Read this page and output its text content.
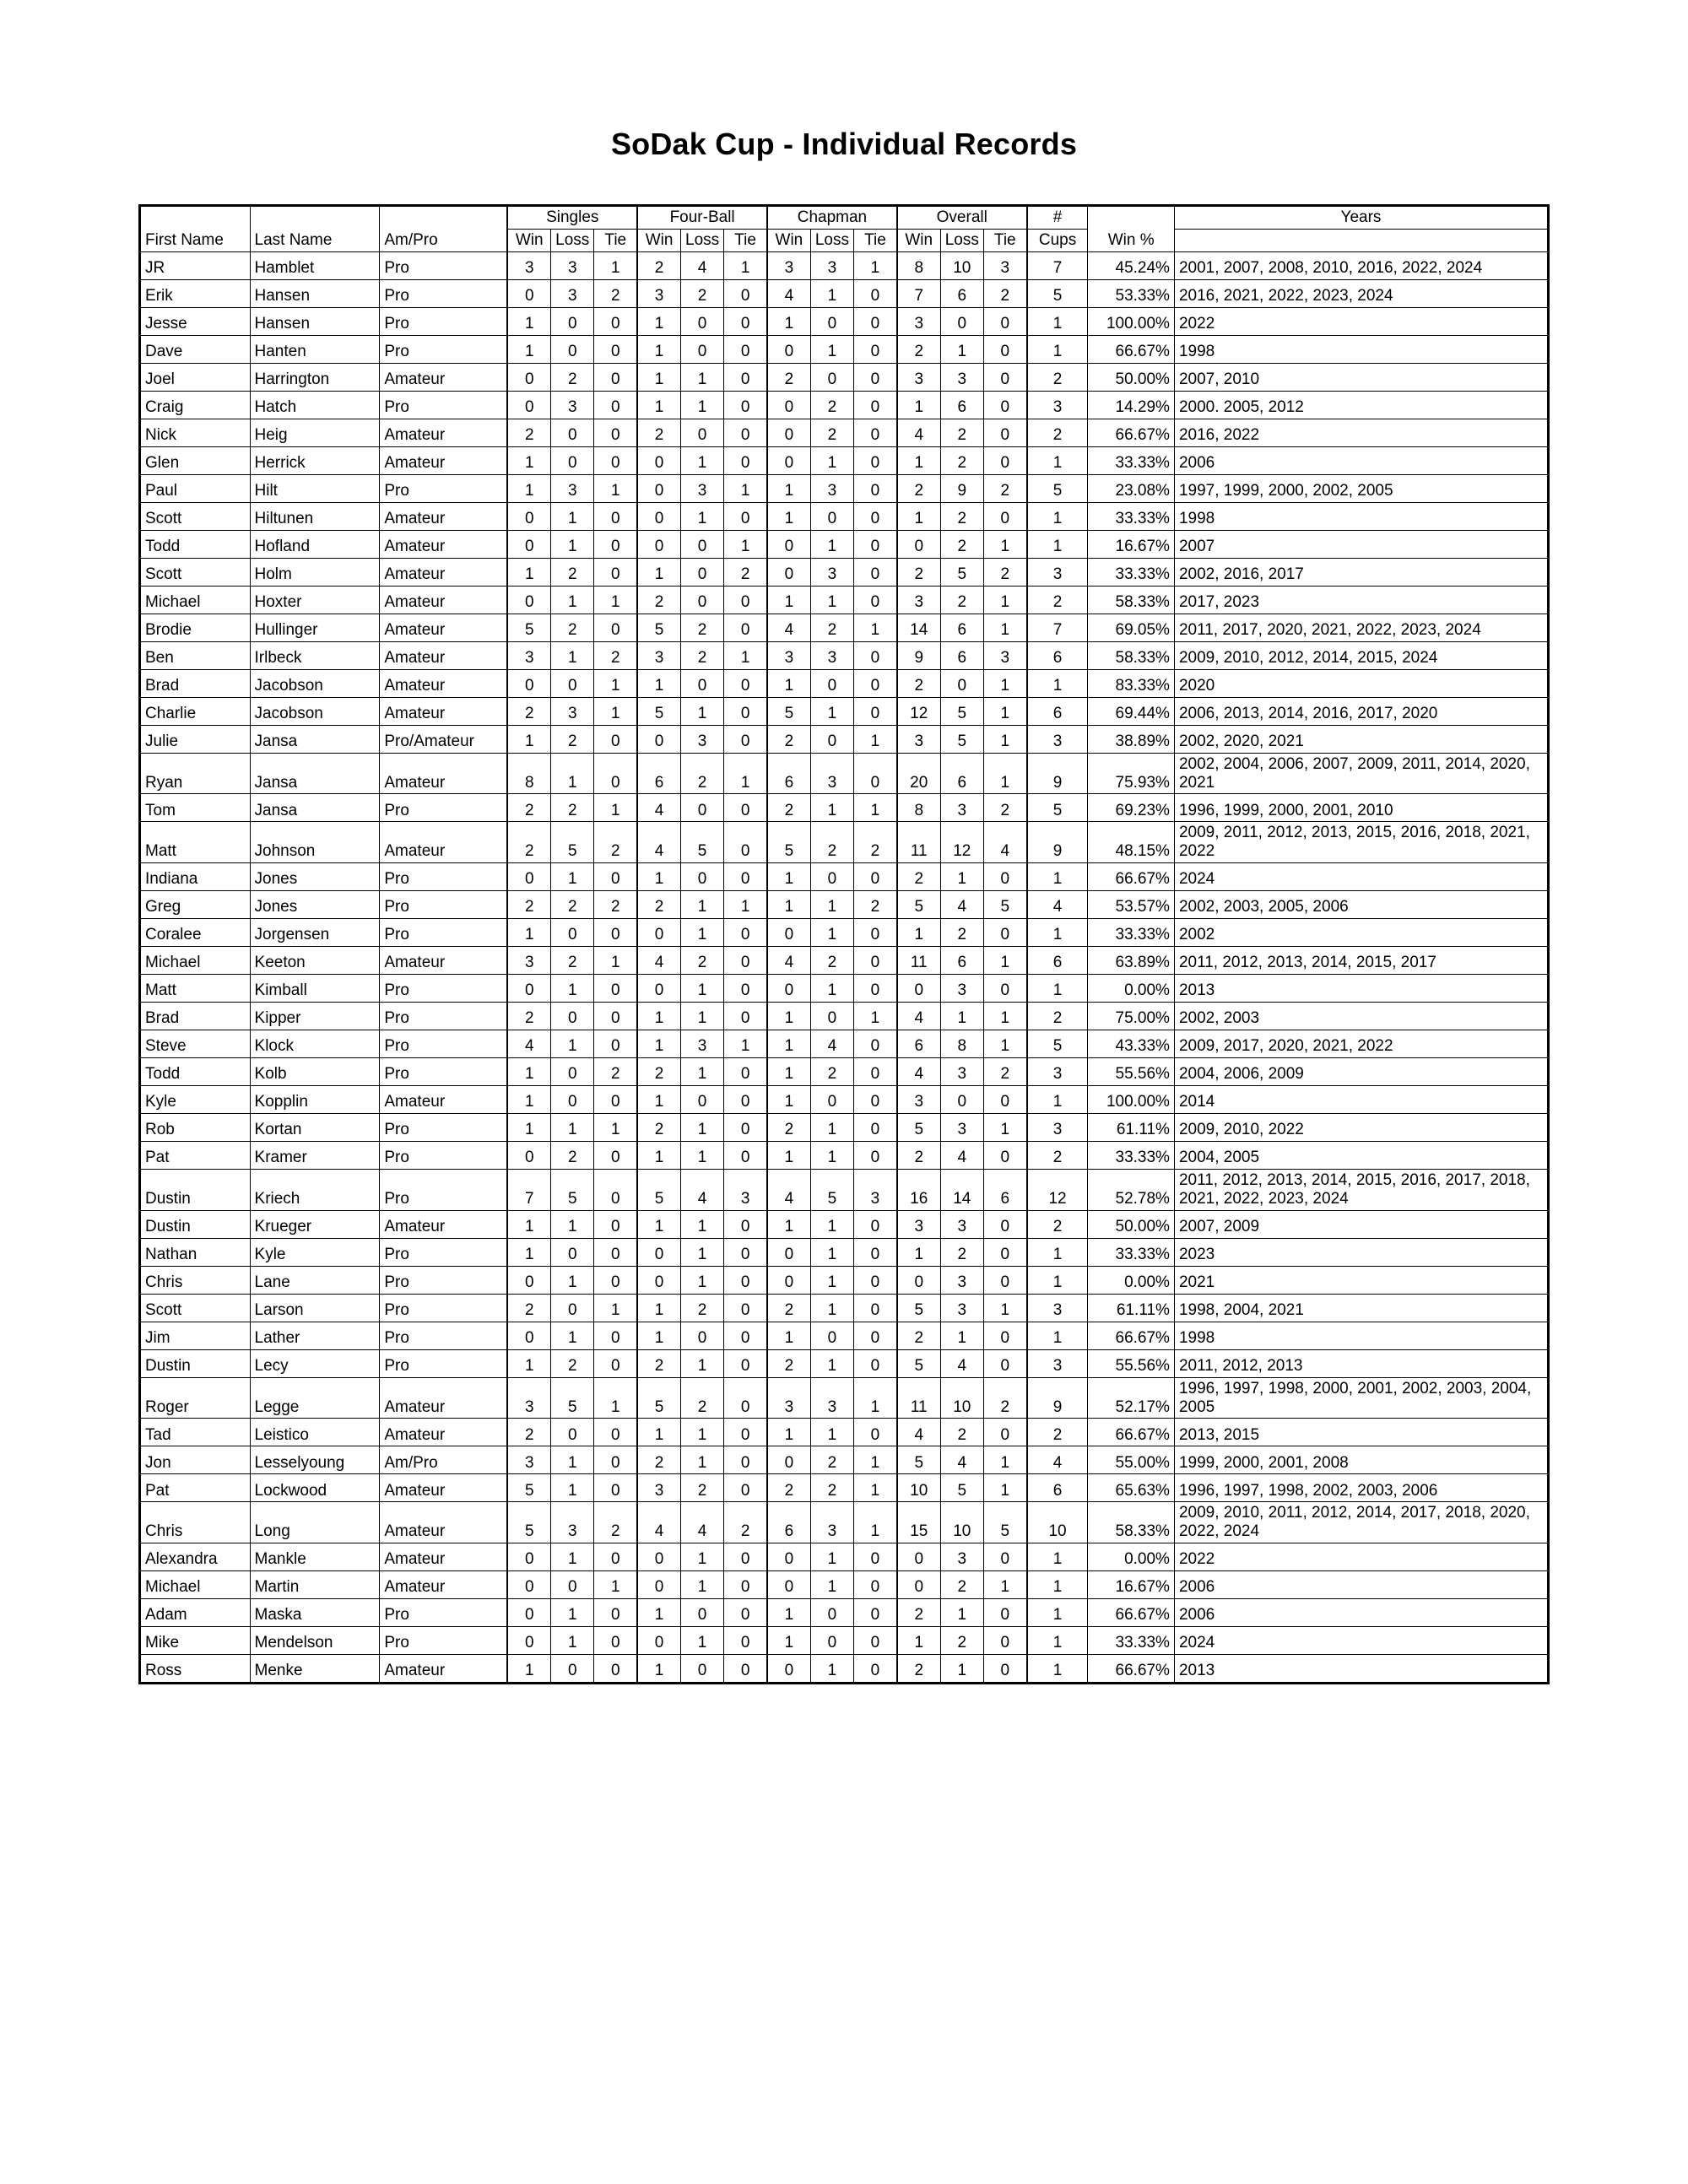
SoDak Cup - Individual Records
First Name	Last Name	Am/Pro	Singles			Four-Ball			Chapman			Overall			#	Win %	Years
			Win	Loss	Tie	Win	Loss	Tie	Win	Loss	Tie	Win	Loss	Tie	Cups		
JR	Hamblet	Pro	3	3	1	2	4	1	3	3	1	8	10	3	7	45.24%	2001, 2007, 2008, 2010, 2016, 2022, 2024
Erik	Hansen	Pro	0	3	2	3	2	0	4	1	0	7	6	2	5	53.33%	2016, 2021, 2022, 2023, 2024
Jesse	Hansen	Pro	1	0	0	1	0	0	1	0	0	3	0	0	1	100.00%	2022
Dave	Hanten	Pro	1	0	0	1	0	0	0	1	0	2	1	0	1	66.67%	1998
Joel	Harrington	Amateur	0	2	0	1	1	0	2	0	0	3	3	0	2	50.00%	2007, 2010
Craig	Hatch	Pro	0	3	0	1	1	0	0	2	0	1	6	0	3	14.29%	2000. 2005, 2012
Nick	Heig	Amateur	2	0	0	2	0	0	0	2	0	4	2	0	2	66.67%	2016, 2022
Glen	Herrick	Amateur	1	0	0	0	1	0	0	1	0	1	2	0	1	33.33%	2006
Paul	Hilt	Pro	1	3	1	0	3	1	1	3	0	2	9	2	5	23.08%	1997, 1999, 2000, 2002, 2005
Scott	Hiltunen	Amateur	0	1	0	0	1	0	1	0	0	1	2	0	1	33.33%	1998
Todd	Hofland	Amateur	0	1	0	0	0	1	0	1	0	0	2	1	1	16.67%	2007
Scott	Holm	Amateur	1	2	0	1	0	2	0	3	0	2	5	2	3	33.33%	2002, 2016, 2017
Michael	Hoxter	Amateur	0	1	1	2	0	0	1	1	0	3	2	1	2	58.33%	2017, 2023
Brodie	Hullinger	Amateur	5	2	0	5	2	0	4	2	1	14	6	1	7	69.05%	2011, 2017, 2020, 2021, 2022, 2023, 2024
Ben	Irlbeck	Amateur	3	1	2	3	2	1	3	3	0	9	6	3	6	58.33%	2009, 2010, 2012, 2014, 2015, 2024
Brad	Jacobson	Amateur	0	0	1	1	0	0	1	0	0	2	0	1	1	83.33%	2020
Charlie	Jacobson	Amateur	2	3	1	5	1	0	5	1	0	12	5	1	6	69.44%	2006, 2013, 2014, 2016, 2017, 2020
Julie	Jansa	Pro/Amateur	1	2	0	0	3	0	2	0	1	3	5	1	3	38.89%	2002, 2020, 2021
Ryan	Jansa	Amateur	8	1	0	6	2	1	6	3	0	20	6	1	9	75.93%	2002, 2004, 2006, 2007, 2009, 2011, 2014, 2020, 2021
Tom	Jansa	Pro	2	2	1	4	0	0	2	1	1	8	3	2	5	69.23%	1996, 1999, 2000, 2001, 2010
Matt	Johnson	Amateur	2	5	2	4	5	0	5	2	2	11	12	4	9	48.15%	2009, 2011, 2012, 2013, 2015, 2016, 2018, 2021, 2022
Indiana	Jones	Pro	0	1	0	1	0	0	1	0	0	2	1	0	1	66.67%	2024
Greg	Jones	Pro	2	2	2	2	1	1	1	1	2	5	4	5	4	53.57%	2002, 2003, 2005, 2006
Coralee	Jorgensen	Pro	1	0	0	0	1	0	0	1	0	1	2	0	1	33.33%	2002
Michael	Keeton	Amateur	3	2	1	4	2	0	4	2	0	11	6	1	6	63.89%	2011, 2012, 2013, 2014, 2015, 2017
Matt	Kimball	Pro	0	1	0	0	1	0	0	1	0	0	3	0	1	0.00%	2013
Brad	Kipper	Pro	2	0	0	1	1	0	1	0	1	4	1	1	2	75.00%	2002, 2003
Steve	Klock	Pro	4	1	0	1	3	1	1	4	0	6	8	1	5	43.33%	2009, 2017, 2020, 2021, 2022
Todd	Kolb	Pro	1	0	2	2	1	0	1	2	0	4	3	2	3	55.56%	2004, 2006, 2009
Kyle	Kopplin	Amateur	1	0	0	1	0	0	1	0	0	3	0	0	1	100.00%	2014
Rob	Kortan	Pro	1	1	1	2	1	0	2	1	0	5	3	1	3	61.11%	2009, 2010, 2022
Pat	Kramer	Pro	0	2	0	1	1	0	1	1	0	2	4	0	2	33.33%	2004, 2005
Dustin	Kriech	Pro	7	5	0	5	4	3	4	5	3	16	14	6	12	52.78%	2011, 2012, 2013, 2014, 2015, 2016, 2017, 2018, 2021, 2022, 2023, 2024
Dustin	Krueger	Amateur	1	1	0	1	1	0	1	1	0	3	3	0	2	50.00%	2007, 2009
Nathan	Kyle	Pro	1	0	0	0	1	0	0	1	0	1	2	0	1	33.33%	2023
Chris	Lane	Pro	0	1	0	0	1	0	0	1	0	0	3	0	1	0.00%	2021
Scott	Larson	Pro	2	0	1	1	2	0	2	1	0	5	3	1	3	61.11%	1998, 2004, 2021
Jim	Lather	Pro	0	1	0	1	0	0	1	0	0	2	1	0	1	66.67%	1998
Dustin	Lecy	Pro	1	2	0	2	1	0	2	1	0	5	4	0	3	55.56%	2011, 2012, 2013
Roger	Legge	Amateur	3	5	1	5	2	0	3	3	1	11	10	2	9	52.17%	1996, 1997, 1998, 2000, 2001, 2002, 2003, 2004, 2005
Tad	Leistico	Amateur	2	0	0	1	1	0	1	1	0	4	2	0	2	66.67%	2013, 2015
Jon	Lesselyoung	Am/Pro	3	1	0	2	1	0	0	2	1	5	4	1	4	55.00%	1999, 2000, 2001, 2008
Pat	Lockwood	Amateur	5	1	0	3	2	0	2	2	1	10	5	1	6	65.63%	1996, 1997, 1998, 2002, 2003, 2006
Chris	Long	Amateur	5	3	2	4	4	2	6	3	1	15	10	5	10	58.33%	2009, 2010, 2011, 2012, 2014, 2017, 2018, 2020, 2022, 2024
Alexandra	Mankle	Amateur	0	1	0	0	1	0	0	1	0	0	3	0	1	0.00%	2022
Michael	Martin	Amateur	0	0	1	0	1	0	0	1	0	0	2	1	1	16.67%	2006
Adam	Maska	Pro	0	1	0	1	0	0	1	0	0	2	1	0	1	66.67%	2006
Mike	Mendelson	Pro	0	1	0	0	1	0	1	0	0	1	2	0	1	33.33%	2024
Ross	Menke	Amateur	1	0	0	1	0	0	0	1	0	2	1	0	1	66.67%	2013
